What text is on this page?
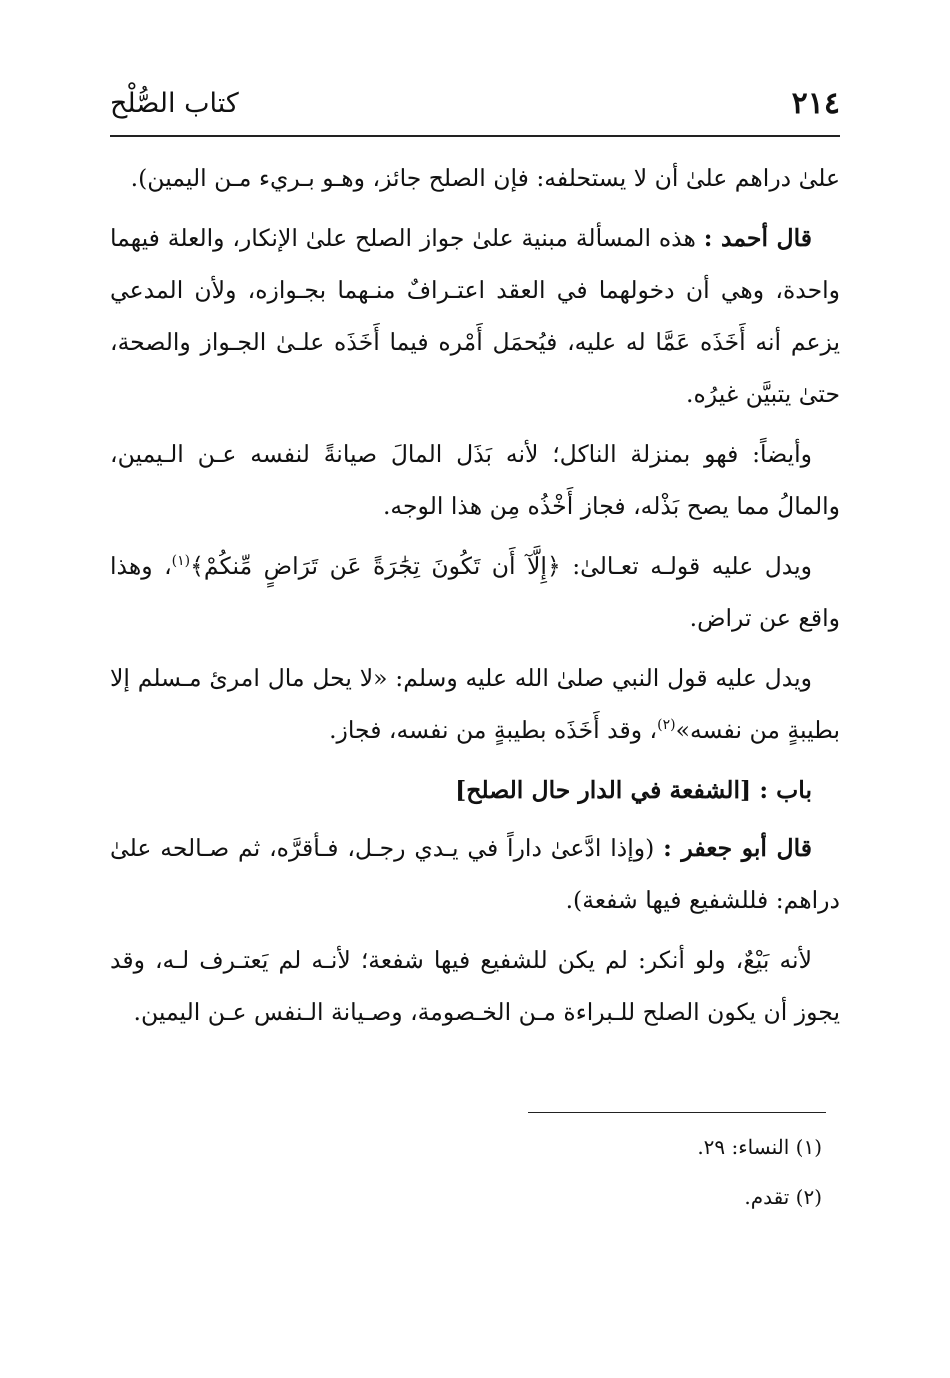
٢١٤
كتاب الصُّلْح

علىٰ دراهم علىٰ أن لا يستحلفه: فإن الصلح جائز، وهـو بـريء مـن اليمين).

قال أحمد : هذه المسألة مبنية علىٰ جواز الصلح علىٰ الإنكار، والعلة فيهما واحدة، وهي أن دخولهما في العقد اعتـرافٌ منـهما بجـوازه، ولأن المدعي يزعم أنه أَخَذَه عَمَّا له عليه، فيُحمَل أَمْره فيما أَخَذَه علـىٰ الجـواز والصحة، حتىٰ يتبيَّن غيرُه.

وأيضاً: فهو بمنزلة الناكل؛ لأنه بَذَل المالَ صيانةً لنفسه عـن الـيمين، والمالُ مما يصح بَذْله، فجاز أَخْذُه مِن هذا الوجه.

ويدل عليه قولـه تعـالىٰ: ﴿إِلَّآ أَن تَكُونَ تِجَٰرَةً عَن تَرَاضٍ مِّنكُمْ﴾$^{(١)}$، وهذا واقع عن تراض.

ويدل عليه قول النبي صلىٰ الله عليه وسلم: «لا يحل مال امرئ مـسلم إلا بطيبةٍ من نفسه»$^{(٢)}$، وقد أَخَذَه بطيبةٍ من نفسه، فجاز.

باب : [الشفعة في الدار حال الصلح]

قال أبو جعفر : (وإذا ادَّعىٰ داراً في يـدي رجـل، فـأقرَّه، ثم صـالحه علىٰ دراهم: فللشفيع فيها شفعة).

لأنه بَيْعٌ، ولو أنكر: لم يكن للشفيع فيها شفعة؛ لأنـه لم يَعتـرف لـه، وقد يجوز أن يكون الصلح للـبراءة مـن الخـصومة، وصـيانة الـنفس عـن اليمين.

(١) النساء: ٢٩.

(٢) تقدم.
